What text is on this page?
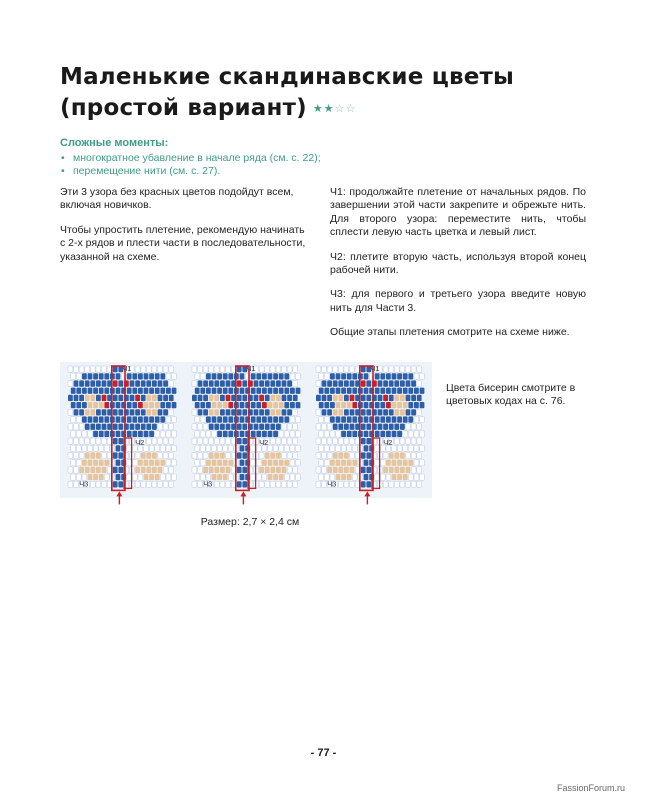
Маленькие скандинавские цветы
(простой вариант) ★★☆☆
Сложные моменты:
• многократное убавление в начале ряда (см. с. 22);
• перемещение нити (см. с. 27).

Эти 3 узора без красных цветов подойдут всем, включая новичков.

Чтобы упростить плетение, рекомендую начинать с 2-х рядов и плести части в последовательности, указанной на схеме.

Ч1: продолжайте плетение от начальных рядов. По завершении этой части закрепите и обрежьте нить. Для второго узора: переместите нить, чтобы сплести левую часть цветка и левый лист.

Ч2: плетите вторую часть, используя второй конец рабочей нити.

Ч3: для первого и третьего узора введите новую нить для Части 3.

Общие этапы плетения смотрите на схеме ниже.

Ч1
Ч2
Ч3
Ч1
Ч2
Ч3
Ч1
Ч2
Ч3
Цвета бисерин смотрите в цветовых кодах на с. 76.
Размер: 2,7 × 2,4 см
- 77 -
FassionForum.ru
